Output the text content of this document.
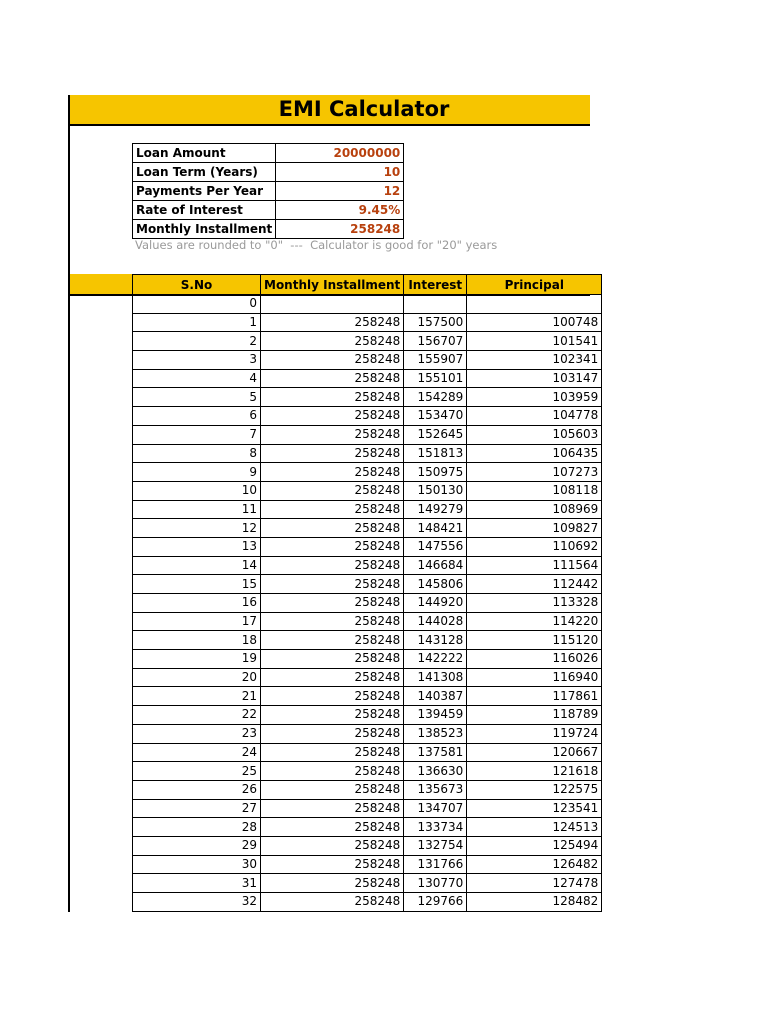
EMI Calculator
Loan Amount	20000000
Loan Term (Years)	10
Payments Per Year	12
Rate of Interest	9.45%
Monthly Installment	258248
Values are rounded to "0"  ---  Calculator is good for "20" years
S.No	Monthly Installment	Interest	Principal
0			
1	258248	157500	100748
2	258248	156707	101541
3	258248	155907	102341
4	258248	155101	103147
5	258248	154289	103959
6	258248	153470	104778
7	258248	152645	105603
8	258248	151813	106435
9	258248	150975	107273
10	258248	150130	108118
11	258248	149279	108969
12	258248	148421	109827
13	258248	147556	110692
14	258248	146684	111564
15	258248	145806	112442
16	258248	144920	113328
17	258248	144028	114220
18	258248	143128	115120
19	258248	142222	116026
20	258248	141308	116940
21	258248	140387	117861
22	258248	139459	118789
23	258248	138523	119724
24	258248	137581	120667
25	258248	136630	121618
26	258248	135673	122575
27	258248	134707	123541
28	258248	133734	124513
29	258248	132754	125494
30	258248	131766	126482
31	258248	130770	127478
32	258248	129766	128482
